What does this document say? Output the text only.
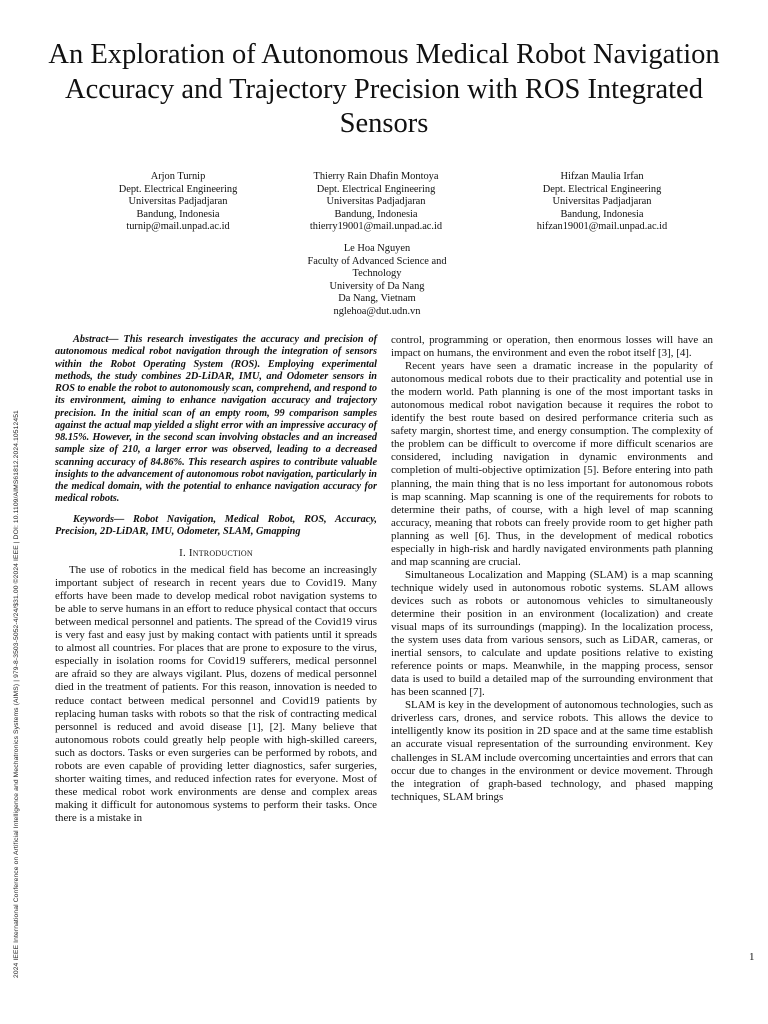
2024 IEEE International Conference on Artificial Intelligence and Mechatronics Systems (AIMS) | 979-8-3503-5052-4/24/$31.00 ©2024 IEEE | DOI: 10.1109/AIMS61812.2024.10512451
An Exploration of Autonomous Medical Robot Navigation Accuracy and Trajectory Precision with ROS Integrated Sensors
Arjon Turnip
Dept. Electrical Engineering
Universitas Padjadjaran
Bandung, Indonesia
turnip@mail.unpad.ac.id
Thierry Rain Dhafin Montoya
Dept. Electrical Engineering
Universitas Padjadjaran
Bandung, Indonesia
thierry19001@mail.unpad.ac.id
Hifzan Maulia Irfan
Dept. Electrical Engineering
Universitas Padjadjaran
Bandung, Indonesia
hifzan19001@mail.unpad.ac.id
Le Hoa Nguyen
Faculty of Advanced Science and Technology
University of Da Nang
Da Nang, Vietnam
nglehoa@dut.udn.vn

Abstract— This research investigates the accuracy and precision of autonomous medical robot navigation through the integration of sensors within the Robot Operating System (ROS). Employing experimental methods, the study combines 2D-LiDAR, IMU, and Odometer sensors in ROS to enable the robot to autonomously scan, comprehend, and respond to its environment, aiming to enhance navigation accuracy and trajectory precision. In the initial scan of an empty room, 99 comparison samples against the actual map yielded a slight error with an impressive accuracy of 98.15%. However, in the second scan involving obstacles and an increased sample size of 210, a larger error was observed, leading to a decreased scanning accuracy of 84.86%. This research aspires to contribute valuable insights to the advancement of autonomous robot navigation, particularly in the medical domain, with the potential to enhance navigation accuracy for medical robots.

Keywords— Robot Navigation, Medical Robot, ROS, Accuracy, Precision, 2D-LiDAR, IMU, Odometer, SLAM, Gmapping

I. Introduction

The use of robotics in the medical field has become an increasingly important subject of research in recent years due to Covid19. Many efforts have been made to develop medical robot navigation systems to be able to serve humans in an effort to reduce physical contact that occurs between medical personnel and patients. The spread of the Covid19 virus is very fast and easy just by making contact with patients until it spreads to almost all countries. For places that are prone to exposure to the virus, especially in isolation rooms for Covid19 sufferers, medical personnel are afraid so they are always vigilant. Plus, dozens of medical personnel died in the treatment of patients. For this reason, innovation is needed to reduce contact between medical personnel and Covid19 patients by replacing human tasks with robots so that the risk of contracting medical personnel is reduced and avoid disease [1], [2]. Many believe that autonomous robots could greatly help people with high-skilled careers, such as doctors. Tasks or even surgeries can be performed by robots, and robots are even capable of providing letter diagnostics, safer surgeries, shorter waiting times, and reduced infection rates for everyone. Most of these medical robot work environments are dense and complex areas making it difficult for autonomous systems to perform their tasks. Once there is a mistake in

control, programming or operation, then enormous losses will have an impact on humans, the environment and even the robot itself [3], [4].

Recent years have seen a dramatic increase in the popularity of autonomous medical robots due to their practicality and potential use in the modern world. Path planning is one of the most important tasks in autonomous medical robot navigation because it requires the robot to identify the best route based on desired performance criteria such as safety margin, shortest time, and energy consumption. The complexity of the problem can be difficult to overcome if more difficult scenarios are considered, including navigation in dynamic environments and completion of multi-objective optimization [5]. Before entering into path planning, the main thing that is no less important for autonomous robots is map scanning. Map scanning is one of the requirements for robots to determine their paths, of course, with a high level of map scanning accuracy, meaning that robots can freely provide room to get higher path planning as well [6]. Thus, in the development of medical robotics especially in high-risk and hardly navigated environments path planning and map scanning are crucial.

Simultaneous Localization and Mapping (SLAM) is a map scanning technique widely used in autonomous robotic systems. SLAM allows devices such as robots or autonomous vehicles to simultaneously determine their position in an environment (localization) and create visual maps of its surroundings (mapping). In the localization process, the system uses data from various sensors, such as LiDAR, cameras, or inertial sensors, to calculate and update positions relative to existing reference points or maps. Meanwhile, in the mapping process, sensor data is used to build a detailed map of the surrounding environment that has been scanned [7].

SLAM is key in the development of autonomous technologies, such as driverless cars, drones, and service robots. This allows the device to intelligently know its position in 2D space and at the same time establish an accurate visual representation of the surrounding environment. Key challenges in SLAM include overcoming uncertainties and errors that can occur due to changes in the environment or device movement. Through the integration of graph-based technology, and phased mapping techniques, SLAM brings

1
